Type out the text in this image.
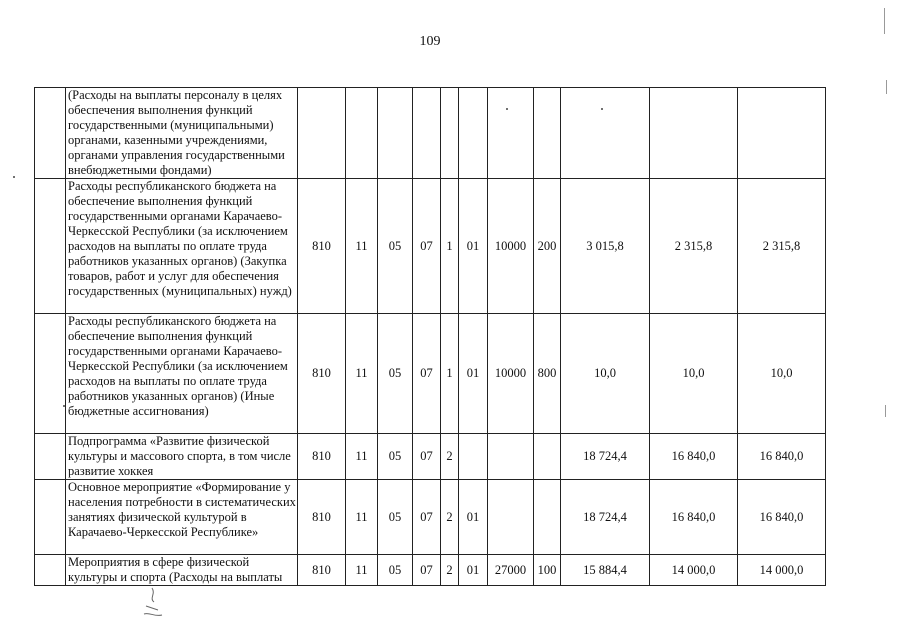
109
	(Расходы на выплаты персоналу в целях обеспечения выполнения функций государственными (муниципальными) органами, казенными учреждениями, органами управления государственными внебюджетными фондами)											
	Расходы республиканского бюджета на обеспечение выполнения функций государственными органами Карачаево-Черкесской Республики (за исключением расходов на выплаты по оплате труда работников указанных органов) (Закупка товаров, работ и услуг для обеспечения государственных (муниципальных) нужд)	810	11	05	07	1	01	10000	200	3 015,8	2 315,8	2 315,8
	Расходы республиканского бюджета на обеспечение выполнения функций государственными органами Карачаево-Черкесской Республики (за исключением расходов на выплаты по оплате труда работников указанных органов) (Иные бюджетные ассигнования)	810	11	05	07	1	01	10000	800	10,0	10,0	10,0
	Подпрограмма «Развитие физической культуры и массового спорта, в том числе развитие хоккея	810	11	05	07	2				18 724,4	16 840,0	16 840,0
	Основное мероприятие «Формирование у населения потребности в систематических занятиях физической культурой в Карачаево-Черкесской Республике»	810	11	05	07	2	01			18 724,4	16 840,0	16 840,0
	Мероприятия в сфере физической культуры и спорта (Расходы на выплаты	810	11	05	07	2	01	27000	100	15 884,4	14 000,0	14 000,0
